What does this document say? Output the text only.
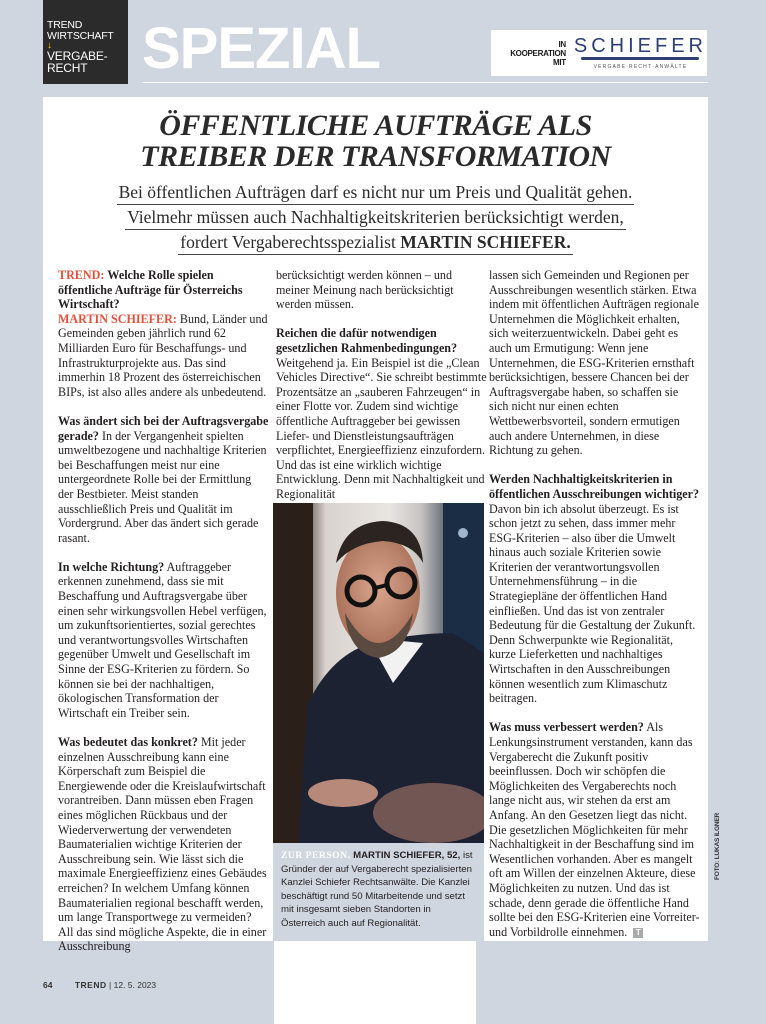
TREND
WIRTSCHAFT
↓
VERGABE-
RECHT SPEZIAL	IN
KOOPERATION
MIT
SCHIEFER
VERGABE·RECHT·ANWÄLTE
ÖFFENTLICHE AUFTRÄGE ALS
TREIBER DER TRANSFORMATION
Bei öffentlichen Aufträgen darf es nicht nur um Preis und Qualität gehen.
Vielmehr müssen auch Nachhaltigkeitskriterien berücksichtigt werden,
fordert Vergaberechtsspezialist MARTIN SCHIEFER.

TREND: Welche Rolle spielen öffentliche Aufträge für Österreichs Wirtschaft?
MARTIN SCHIEFER: Bund, Länder und Gemeinden geben jährlich rund 62 Milliarden Euro für Beschaffungs- und Infrastrukturprojekte aus. Das sind immerhin 18 Prozent des österreichischen BIPs, ist also alles andere als unbedeutend.

Was ändert sich bei der Auftragsvergabe gerade? In der Vergangenheit spielten umweltbezogene und nachhaltige Kriterien bei Beschaffungen meist nur eine untergeordnete Rolle bei der Ermittlung der Bestbieter. Meist standen ausschließlich Preis und Qualität im Vordergrund. Aber das ändert sich gerade rasant.

In welche Richtung? Auftraggeber erkennen zunehmend, dass sie mit Beschaffung und Auftragsvergabe über einen sehr wirkungsvollen Hebel verfügen, um zukunftsorientiertes, sozial gerechtes und verantwortungsvolles Wirtschaften gegenüber Umwelt und Gesellschaft im Sinne der ESG-Kriterien zu fördern. So können sie bei der nachhaltigen, ökologischen Transformation der Wirtschaft ein Treiber sein.

Was bedeutet das konkret? Mit jeder einzelnen Ausschreibung kann eine Körperschaft zum Beispiel die Energiewende oder die Kreislaufwirtschaft vorantreiben. Dann müssen eben Fragen eines möglichen Rückbaus und der Wiederverwertung der verwendeten Baumaterialien wichtige Kriterien der Ausschreibung sein. Wie lässt sich die maximale Energieeffizienz eines Gebäudes erreichen? In welchem Umfang können Baumaterialien regional beschafft werden, um lange Transportwege zu vermeiden? All das sind mögliche Aspekte, die in einer Ausschreibung

berücksichtigt werden können – und meiner Meinung nach berücksichtigt werden müssen.

Reichen die dafür notwendigen gesetzlichen Rahmenbedingungen?
Weitgehend ja. Ein Beispiel ist die „Clean Vehicles Directive“. Sie schreibt bestimmte Prozentsätze an „sauberen Fahrzeugen“ in einer Flotte vor. Zudem sind wichtige öffentliche Auftraggeber bei gewissen Liefer- und Dienstleistungsaufträgen verpflichtet, Energieeffizienz einzufordern. Und das ist eine wirklich wichtige Entwicklung. Denn mit Nachhaltigkeit und Regionalität

ZUR PERSON. MARTIN SCHIEFER, 52, ist Gründer der auf Vergaberecht spezialisierten Kanzlei Schiefer Rechtsanwälte. Die Kanzlei beschäftigt rund 50 Mitarbeitende und setzt mit insgesamt sieben Standorten in Österreich auch auf Regionalität.

lassen sich Gemeinden und Regionen per Ausschreibungen wesentlich stärken. Etwa indem mit öffentlichen Aufträgen regionale Unternehmen die Möglichkeit erhalten, sich weiterzuentwickeln. Dabei geht es auch um Ermutigung: Wenn jene Unternehmen, die ESG-Kriterien ernsthaft berücksichtigen, bessere Chancen bei der Auftragsvergabe haben, so schaffen sie sich nicht nur einen echten Wettbewerbsvorteil, sondern ermutigen auch andere Unternehmen, in diese Richtung zu gehen.

Werden Nachhaltigkeitskriterien in öffentlichen Ausschreibungen wichtiger? Davon bin ich absolut überzeugt. Es ist schon jetzt zu sehen, dass immer mehr ESG-Kriterien – also über die Umwelt hinaus auch soziale Kriterien sowie Kriterien der verantwortungsvollen Unternehmensführung – in die Strategiepläne der öffentlichen Hand einfließen. Und das ist von zentraler Bedeutung für die Gestaltung der Zukunft. Denn Schwerpunkte wie Regionalität, kurze Lieferketten und nachhaltiges Wirtschaften in den Ausschreibungen können wesentlich zum Klimaschutz beitragen.

Was muss verbessert werden? Als Lenkungsinstrument verstanden, kann das Vergaberecht die Zukunft positiv beeinflussen. Doch wir schöpfen die Möglichkeiten des Vergaberechts noch lange nicht aus, wir stehen da erst am Anfang. An den Gesetzen liegt das nicht. Die gesetzlichen Möglichkeiten für mehr Nachhaltigkeit in der Beschaffung sind im Wesentlichen vorhanden. Aber es mangelt oft am Willen der einzelnen Akteure, diese Möglichkeiten zu nutzen. Und das ist schade, denn gerade die öffentliche Hand sollte bei den ESG-Kriterien eine Vorreiter- und Vorbildrolle einnehmen. T

FOTO: LUKAS ILGNER
64	TREND | 12. 5. 2023
